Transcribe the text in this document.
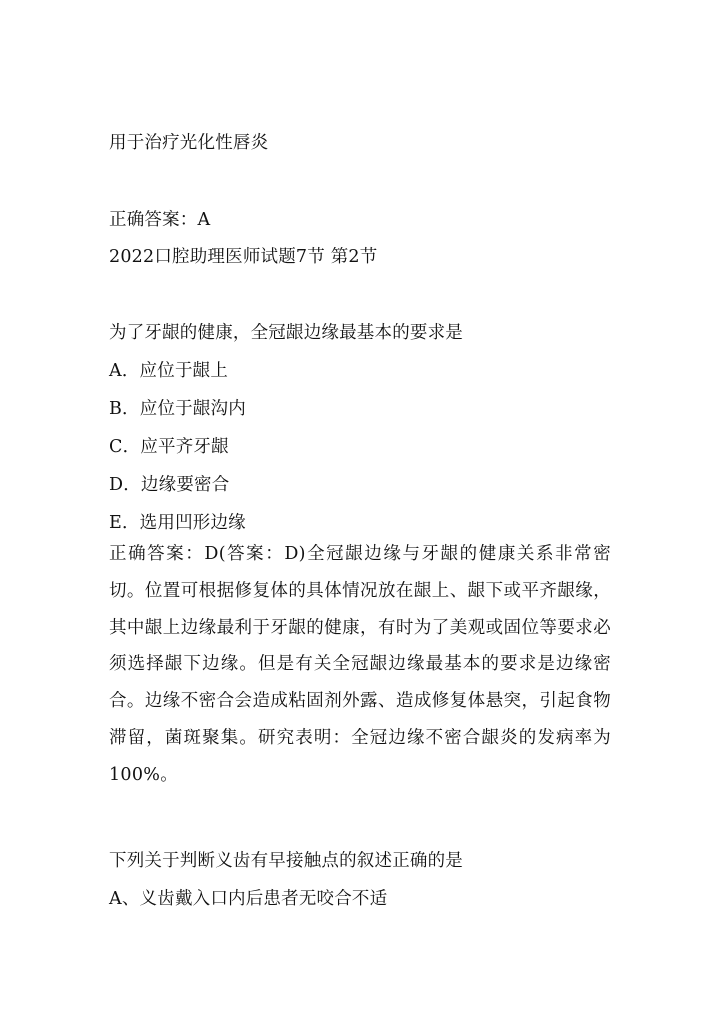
用于治疗光化性唇炎
正确答案：A
2022口腔助理医师试题7节 第2节
为了牙龈的健康，全冠龈边缘最基本的要求是
A．应位于龈上
B．应位于龈沟内
C．应平齐牙龈
D．边缘要密合
E．选用凹形边缘

正确答案：D(答案：D)全冠龈边缘与牙龈的健康关系非常密切。位置可根据修复体的具体情况放在龈上、龈下或平齐龈缘，其中龈上边缘最利于牙龈的健康，有时为了美观或固位等要求必须选择龈下边缘。但是有关全冠龈边缘最基本的要求是边缘密合。边缘不密合会造成粘固剂外露、造成修复体悬突，引起食物滞留，菌斑聚集。研究表明：全冠边缘不密合龈炎的发病率为100%。

下列关于判断义齿有早接触点的叙述正确的是
A、义齿戴入口内后患者无咬合不适
